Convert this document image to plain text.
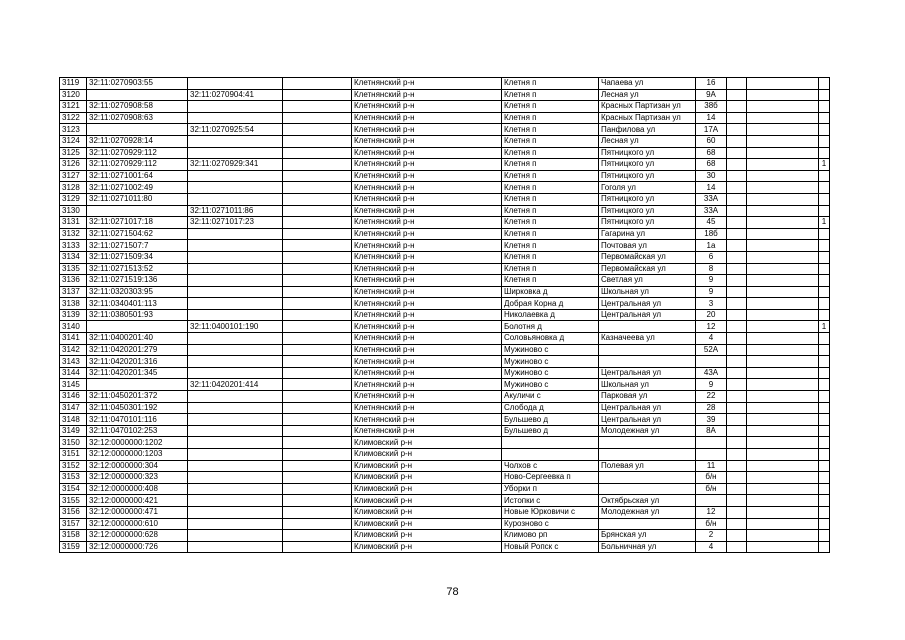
3119	32:11:0270903:55			Клетнянский р-н	Клетня п	Чапаева ул	16			
3120		32:11:0270904:41		Клетнянский р-н	Клетня п	Лесная ул	9А			
3121	32:11:0270908:58			Клетнянский р-н	Клетня п	Красных Партизан ул	38б			
3122	32:11:0270908:63			Клетнянский р-н	Клетня п	Красных Партизан ул	14			
3123		32:11:0270925:54		Клетнянский р-н	Клетня п	Панфилова ул	17А			
3124	32:11:0270928:14			Клетнянский р-н	Клетня п	Лесная ул	60			
3125	32:11:0270929:112			Клетнянский р-н	Клетня п	Пятницкого ул	68			
3126	32:11:0270929:112	32:11:0270929:341		Клетнянский р-н	Клетня п	Пятницкого ул	68			1
3127	32:11:0271001:64			Клетнянский р-н	Клетня п	Пятницкого ул	30			
3128	32:11:0271002:49			Клетнянский р-н	Клетня п	Гоголя ул	14			
3129	32:11:0271011:80			Клетнянский р-н	Клетня п	Пятницкого ул	33А			
3130		32:11:0271011:86		Клетнянский р-н	Клетня п	Пятницкого ул	33А			
3131	32:11:0271017:18	32:11:0271017:23		Клетнянский р-н	Клетня п	Пятницкого ул	45			1
3132	32:11:0271504:62			Клетнянский р-н	Клетня п	Гагарина ул	18б			
3133	32:11:0271507:7			Клетнянский р-н	Клетня п	Почтовая ул	1а			
3134	32:11:0271509:34			Клетнянский р-н	Клетня п	Первомайская ул	6			
3135	32:11:0271513:52			Клетнянский р-н	Клетня п	Первомайская ул	8			
3136	32:11:0271519:136			Клетнянский р-н	Клетня п	Светлая ул	9			
3137	32:11:0320303:95			Клетнянский р-н	Ширковка д	Школьная ул	9			
3138	32:11:0340401:113			Клетнянский р-н	Добрая Корна д	Центральная ул	3			
3139	32:11:0380501:93			Клетнянский р-н	Николаевка д	Центральная ул	20			
3140		32:11:0400101:190		Клетнянский р-н	Болотня д		12			1
3141	32:11:0400201:40			Клетнянский р-н	Соловьяновка д	Казначеева ул	4			
3142	32:11:0420201:279			Клетнянский р-н	Мужиново с		52А			
3143	32:11:0420201:316			Клетнянский р-н	Мужиново с					
3144	32:11:0420201:345			Клетнянский р-н	Мужиново с	Центральная ул	43А			
3145		32:11:0420201:414		Клетнянский р-н	Мужиново с	Школьная ул	9			
3146	32:11:0450201:372			Клетнянский р-н	Акуличи с	Парковая ул	22			
3147	32:11:0450301:192			Клетнянский р-н	Слобода д	Центральная ул	28			
3148	32:11:0470101:116			Клетнянский р-н	Бульшево д	Центральная ул	39			
3149	32:11:0470102:253			Клетнянский р-н	Бульшево д	Молодежная ул	8А			
3150	32:12:0000000:1202			Климовский р-н						
3151	32:12:0000000:1203			Климовский р-н						
3152	32:12:0000000:304			Климовский р-н	Чолхов с	Полевая ул	11			
3153	32:12:0000000:323			Климовский р-н	Ново-Сергеевка п		б/н			
3154	32:12:0000000:408			Климовский р-н	Уборки п		б/н			
3155	32:12:0000000:421			Климовский р-н	Истопки с	Октябрьская ул				
3156	32:12:0000000:471			Климовский р-н	Новые Юрковичи с	Молодежная ул	12			
3157	32:12:0000000:610			Климовский р-н	Курозново с		б/н			
3158	32:12:0000000:628			Климовский р-н	Климово рп	Брянская ул	2			
3159	32:12:0000000:726			Климовский р-н	Новый Ропск с	Больничная ул	4			
78
